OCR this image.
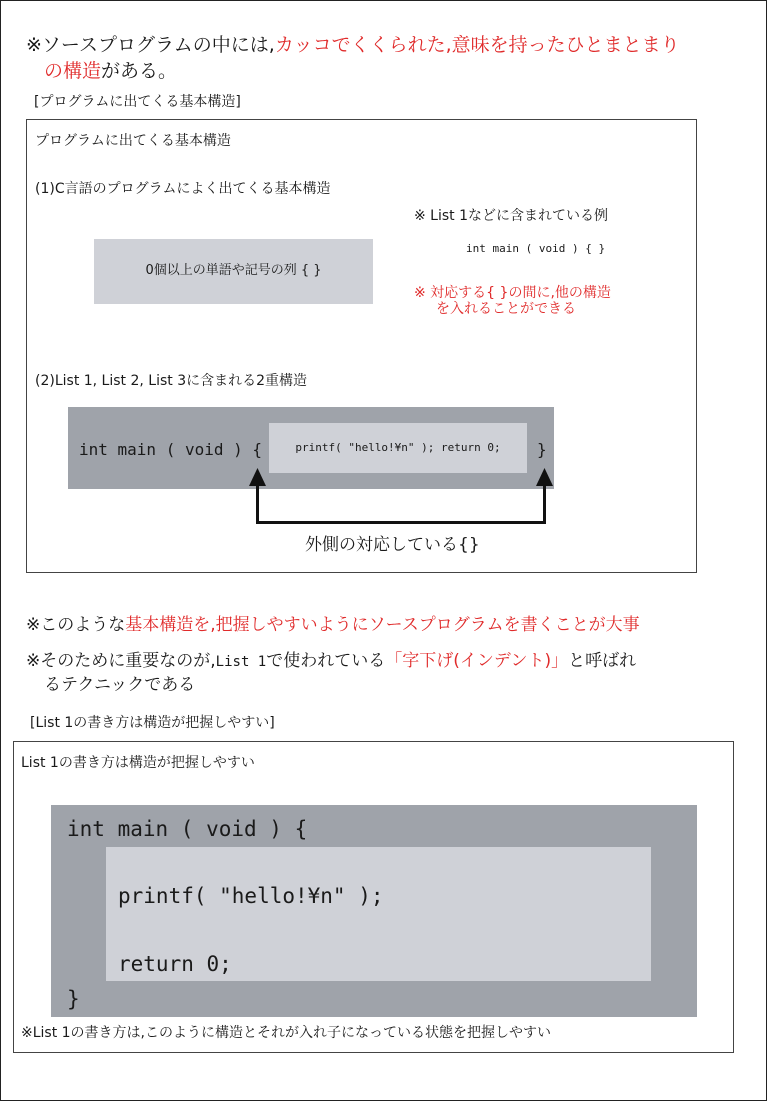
※ソースプログラムの中には,カッコでくくられた,意味を持ったひとまとまり
の構造がある。
[プログラムに出てくる基本構造]
プログラムに出てくる基本構造
(1)C言語のプログラムによく出てくる基本構造
0個以上の単語や記号の列 { }
※ List 1などに含まれている例
int main ( void ) { }
※ 対応する{ }の間に,他の構造
を入れることができる
(2)List 1, List 2, List 3に含まれる2重構造
int main ( void ) {	printf( "hello!¥n" ); return 0;	}
外側の対応している{}
※このような基本構造を,把握しやすいようにソースプログラムを書くことが大事
※そのために重要なのが,List 1で使われている「字下げ(インデント)」と呼ばれ
るテクニックである
[List 1の書き方は構造が把握しやすい]
List 1の書き方は構造が把握しやすい
int main ( void ) {
printf( "hello!¥n" );
return 0;
}
※List 1の書き方は,このように構造とそれが入れ子になっている状態を把握しやすい
